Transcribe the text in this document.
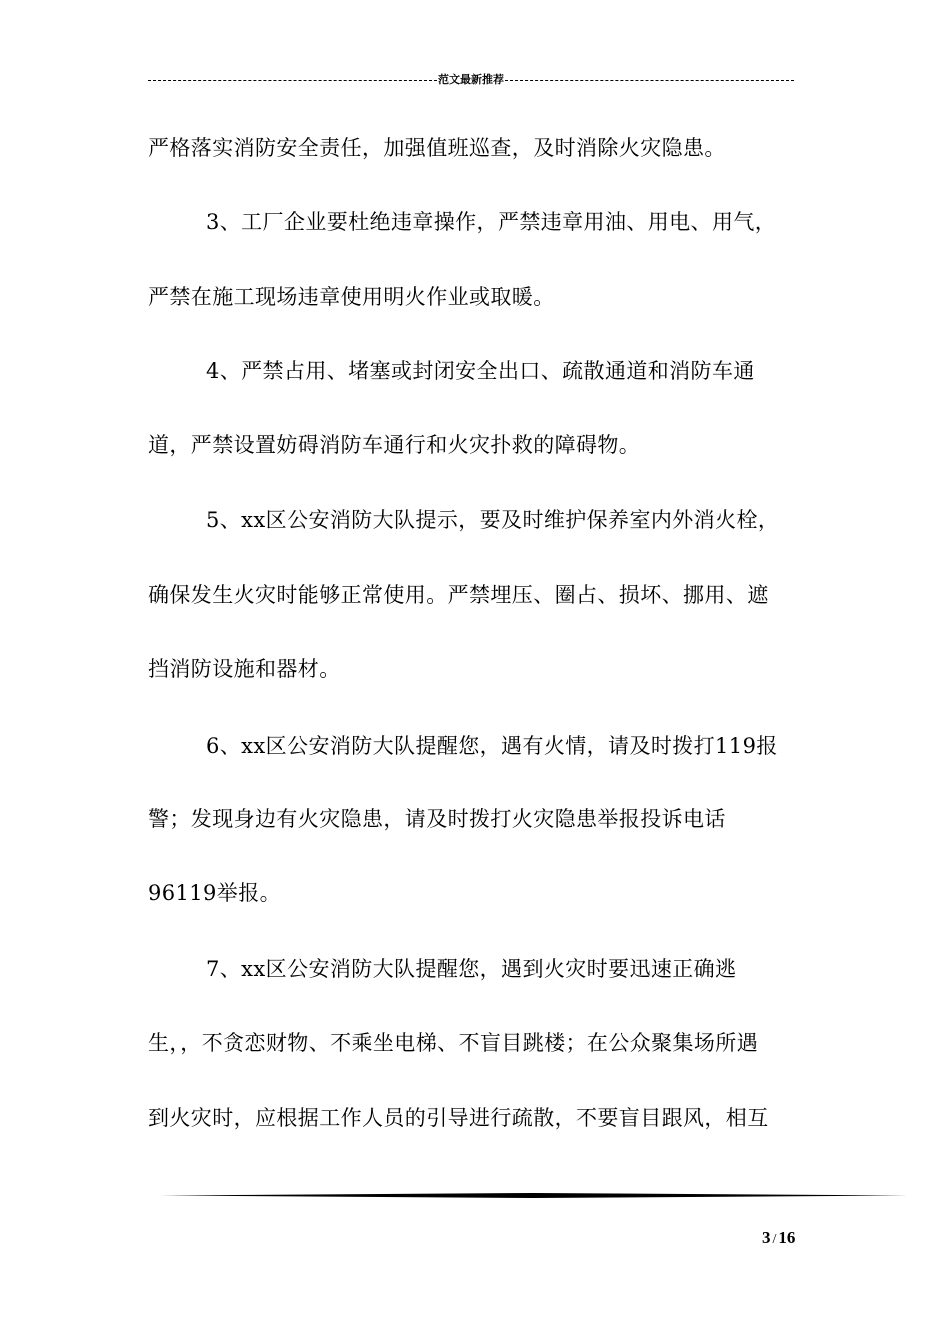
范文最新推荐
严格落实消防安全责任，加强值班巡查，及时消除火灾隐患。
3、工厂企业要杜绝违章操作，严禁违章用油、用电、用气，
严禁在施工现场违章使用明火作业或取暖。
4、严禁占用、堵塞或封闭安全出口、疏散通道和消防车通
道，严禁设置妨碍消防车通行和火灾扑救的障碍物。
5、xx区公安消防大队提示，要及时维护保养室内外消火栓，
确保发生火灾时能够正常使用。严禁埋压、圈占、损坏、挪用、遮
挡消防设施和器材。
6、xx区公安消防大队提醒您，遇有火情，请及时拨打119报
警；发现身边有火灾隐患，请及时拨打火灾隐患举报投诉电话
96119举报。
7、xx区公安消防大队提醒您，遇到火灾时要迅速正确逃
生，，不贪恋财物、不乘坐电梯、不盲目跳楼；在公众聚集场所遇
到火灾时，应根据工作人员的引导进行疏散，不要盲目跟风，相互
3 / 16
